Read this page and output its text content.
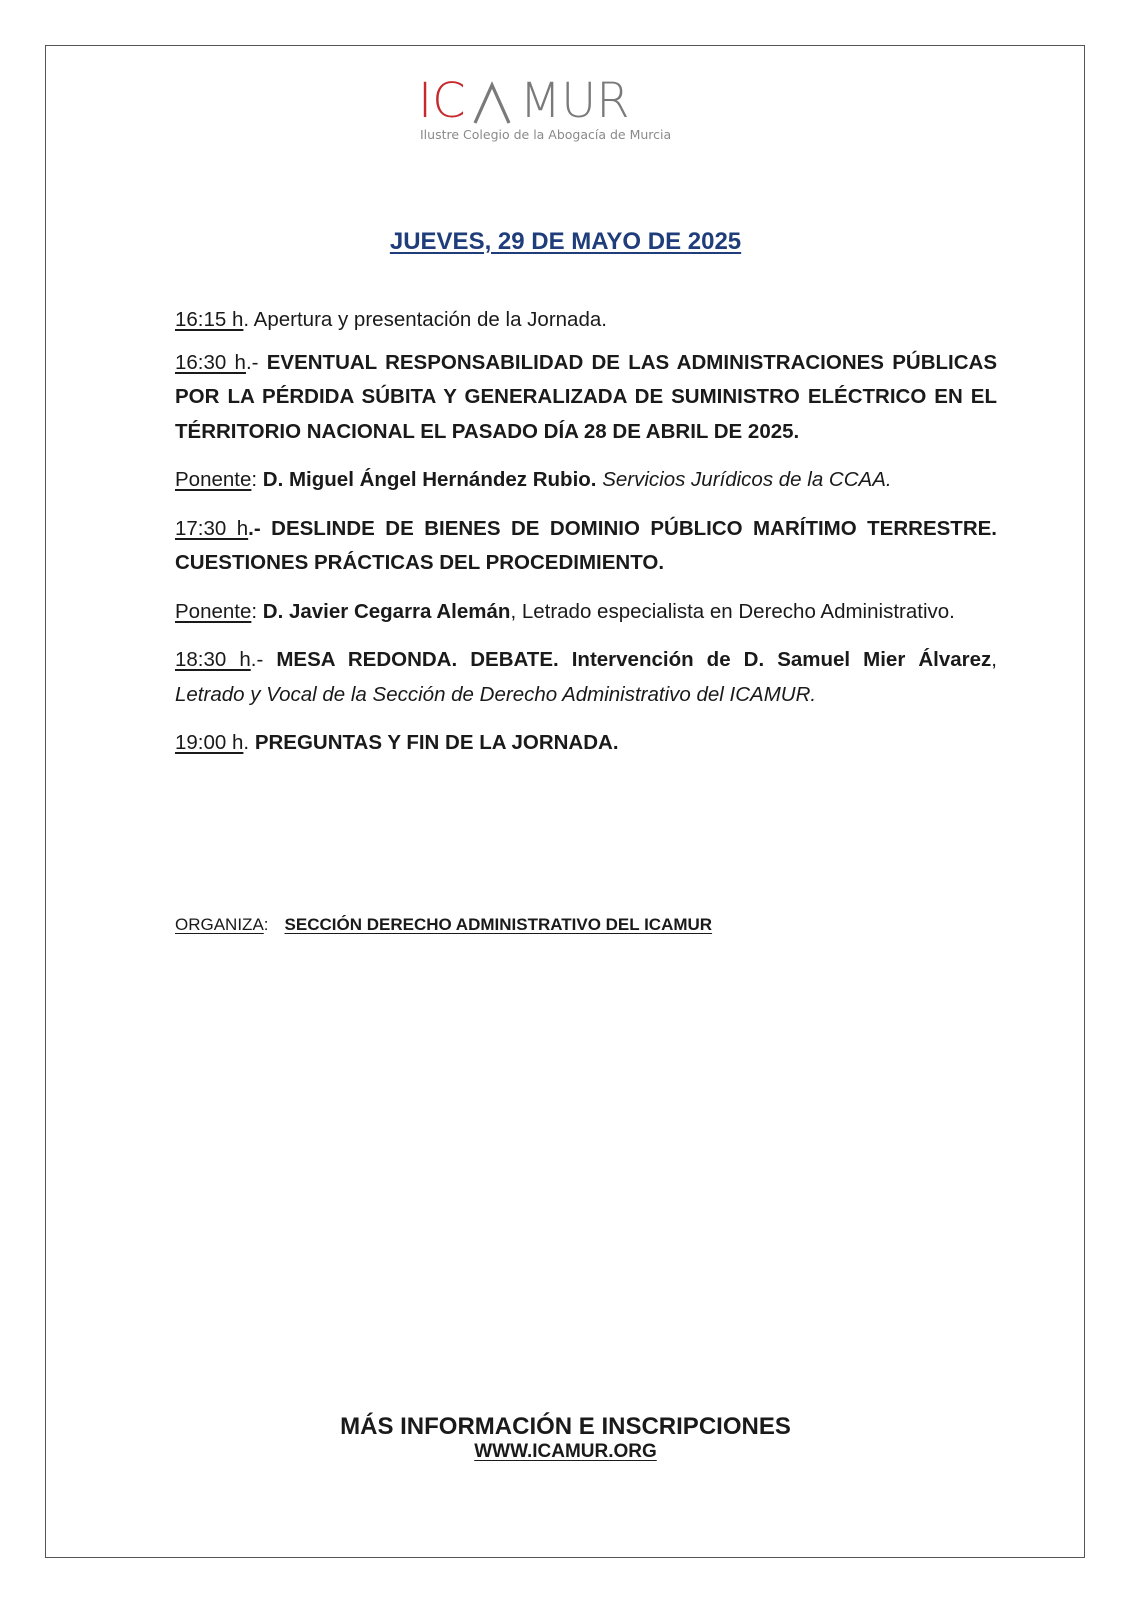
IC MUR
Ilustre Colegio de la Abogacía de Murcia
JUEVES, 29 DE MAYO DE 2025

16:15 h. Apertura y presentación de la Jornada.

16:30 h.- EVENTUAL RESPONSABILIDAD DE LAS ADMINISTRACIONES PÚBLICAS POR LA PÉRDIDA SÚBITA Y GENERALIZADA DE SUMINISTRO ELÉCTRICO EN EL TÉRRITORIO NACIONAL EL PASADO DÍA 28 DE ABRIL DE 2025.

Ponente: D. Miguel Ángel Hernández Rubio. Servicios Jurídicos de la CCAA.

17:30 h.- DESLINDE DE BIENES DE DOMINIO PÚBLICO MARÍTIMO TERRESTRE. CUESTIONES PRÁCTICAS DEL PROCEDIMIENTO.

Ponente: D. Javier Cegarra Alemán, Letrado especialista en Derecho Administrativo.

18:30 h.- MESA REDONDA. DEBATE. Intervención de D. Samuel Mier Álvarez, Letrado y Vocal de la Sección de Derecho Administrativo del ICAMUR.

19:00 h. PREGUNTAS Y FIN DE LA JORNADA.

ORGANIZA: SECCIÓN DERECHO ADMINISTRATIVO DEL ICAMUR
MÁS INFORMACIÓN E INSCRIPCIONES
WWW.ICAMUR.ORG
